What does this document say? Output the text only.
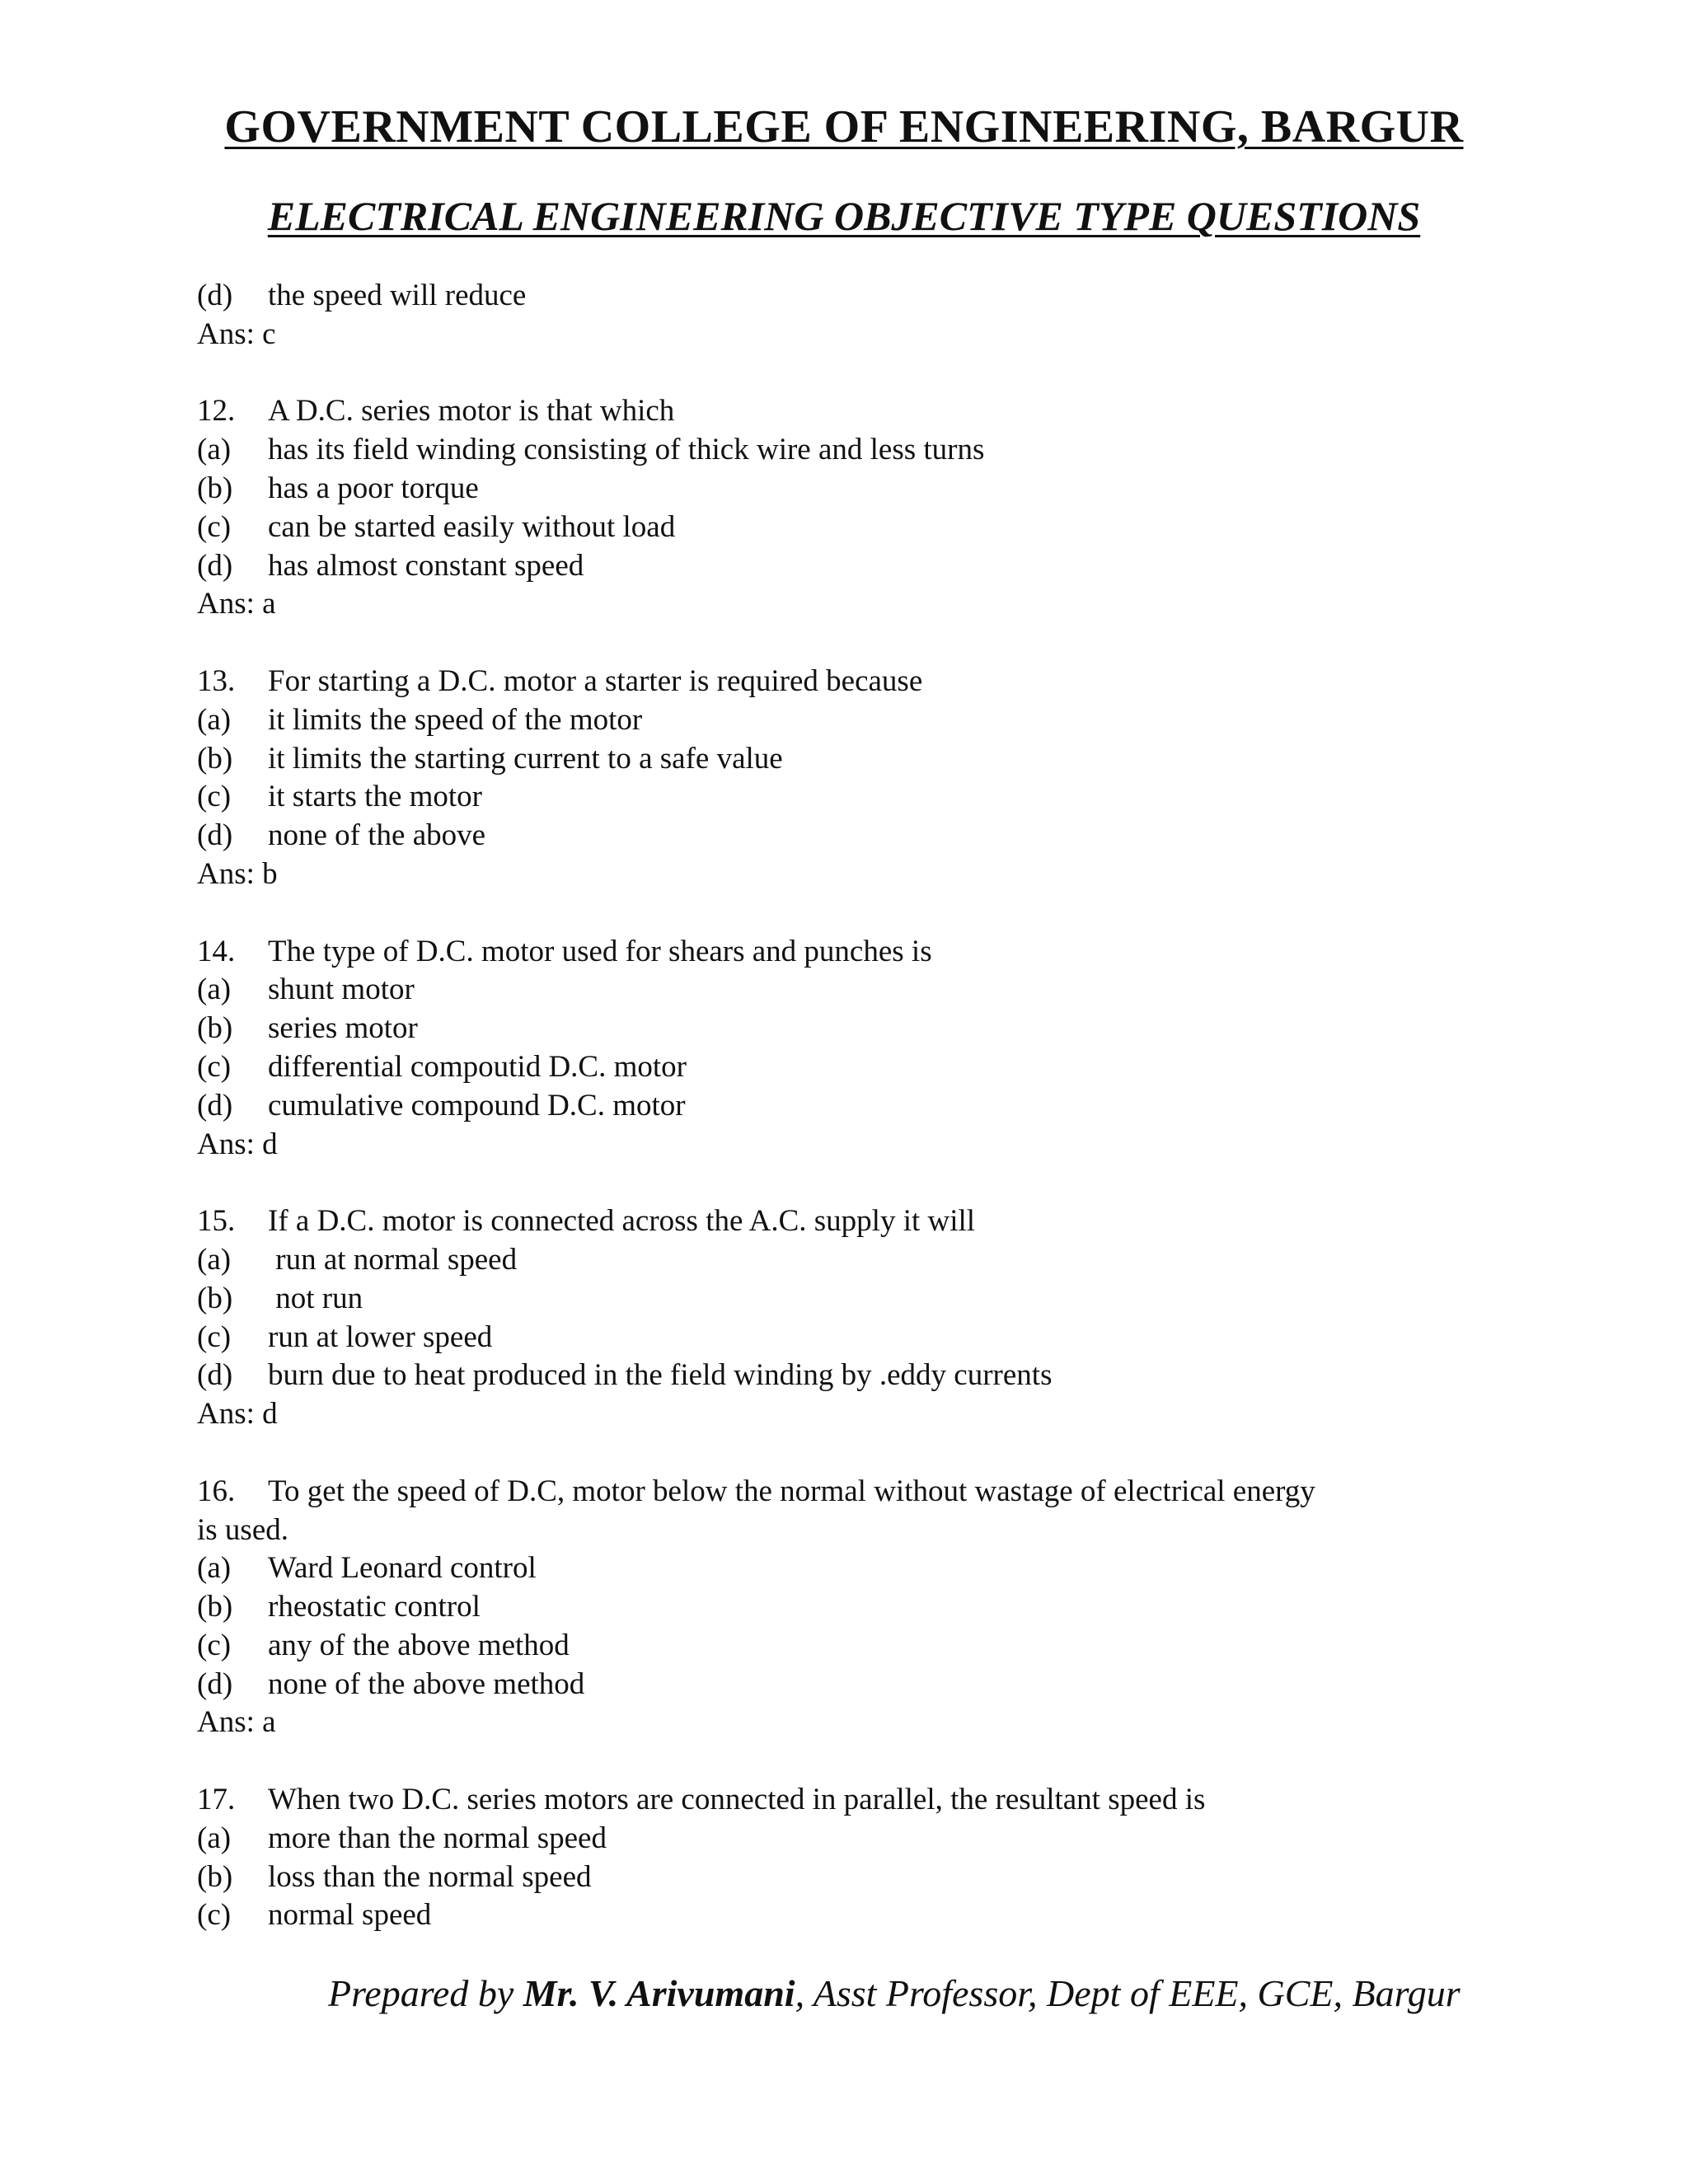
GOVERNMENT COLLEGE OF ENGINEERING, BARGUR
ELECTRICAL ENGINEERING OBJECTIVE TYPE QUESTIONS
(d) the speed will reduce
Ans: c
12. A D.C. series motor is that which
(a) has its field winding consisting of thick wire and less turns
(b) has a poor torque
(c) can be started easily without load
(d) has almost constant speed
Ans: a
13. For starting a D.C. motor a starter is required because
(a) it limits the speed of the motor
(b) it limits the starting current to a safe value
(c) it starts the motor
(d) none of the above
Ans: b
14. The type of D.C. motor used for shears and punches is
(a) shunt motor
(b) series motor
(c) differential compoutid D.C. motor
(d) cumulative compound D.C. motor
Ans: d
15. If a D.C. motor is connected across the A.C. supply it will
(a) run at normal speed
(b) not run
(c) run at lower speed
(d) burn due to heat produced in the field winding by .eddy currents
Ans: d
16. To get the speed of D.C, motor below the normal without wastage of electrical energy
is used.
(a) Ward Leonard control
(b) rheostatic control
(c) any of the above method
(d) none of the above method
Ans: a
17. When two D.C. series motors are connected in parallel, the resultant speed is
(a) more than the normal speed
(b) loss than the normal speed
(c) normal speed
Prepared by Mr. V. Arivumani, Asst Professor, Dept of EEE, GCE, Bargur
